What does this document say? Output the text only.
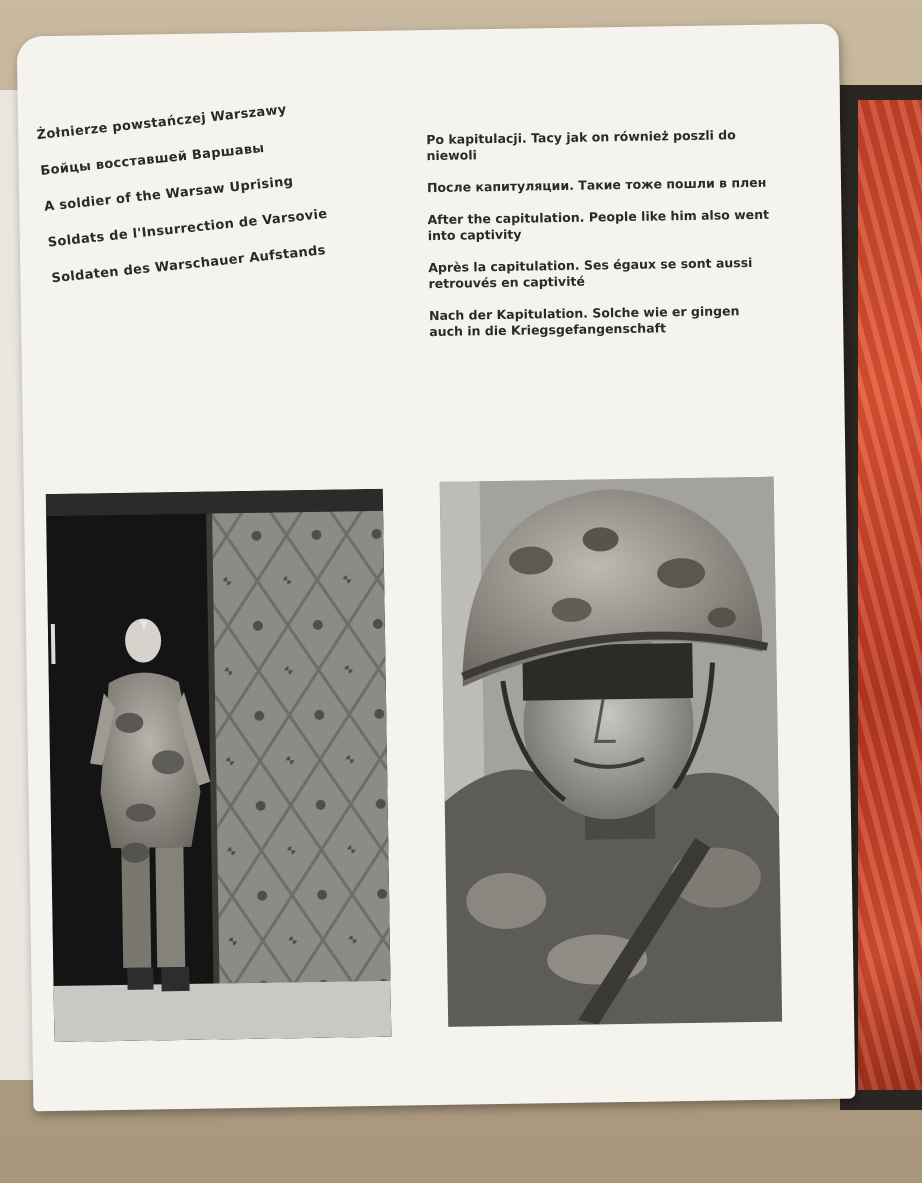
Żołnierze powstańczej Warszawy

Бойцы восставшей Варшавы

A soldier of the Warsaw Uprising

Soldats de l'Insurrection de Varsovie

Soldaten des Warschauer Aufstands

Po kapitulacji. Tacy jak on również poszli do niewoli

После капитуляции. Такие тоже пошли в плен

After the capitulation. People like him also went into captivity

Après la capitulation. Ses égaux se sont aussi retrouvés en captivité

Nach der Kapitulation. Solche wie er gingen auch in die Kriegsgefangenschaft
